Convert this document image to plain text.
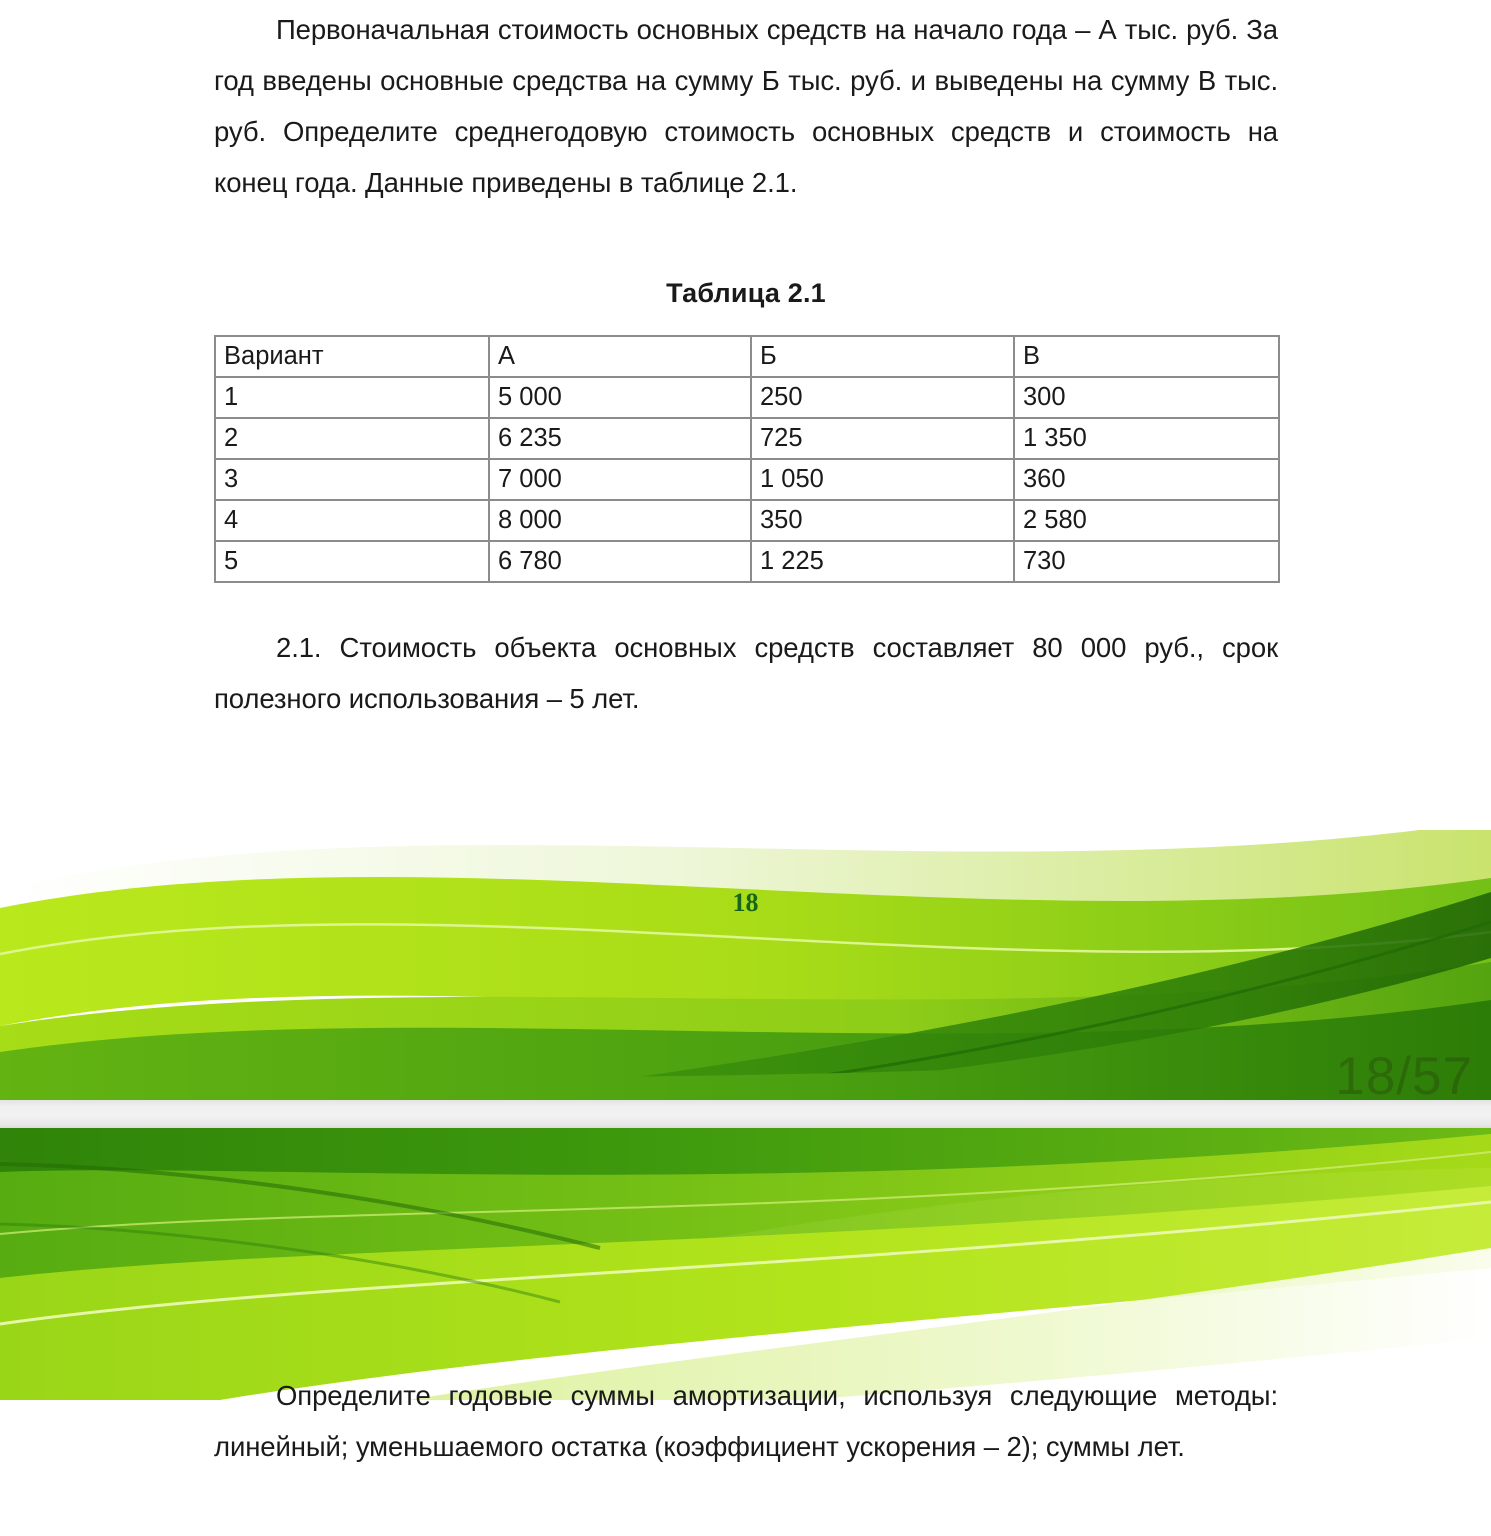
Первоначальная стоимость основных средств на начало года – А тыс. руб. За год введены основные средства на сумму Б тыс. руб. и выведены на сумму В тыс. руб. Определите среднегодовую стоимость основных средств и стоимость на конец года. Данные приведены в таблице 2.1.

Таблица 2.1
Вариант	А	Б	В
1	5 000	250	300
2	6 235	725	1 350
3	7 000	1 050	360
4	8 000	350	2 580
5	6 780	1 225	730

2.1. Стоимость объекта основных средств составляет 80 000 руб., срок полезного использования – 5 лет.

18
18/57

Определите годовые суммы амортизации, используя следующие методы: линейный; уменьшаемого остатка (коэффициент ускорения – 2); суммы лет.
